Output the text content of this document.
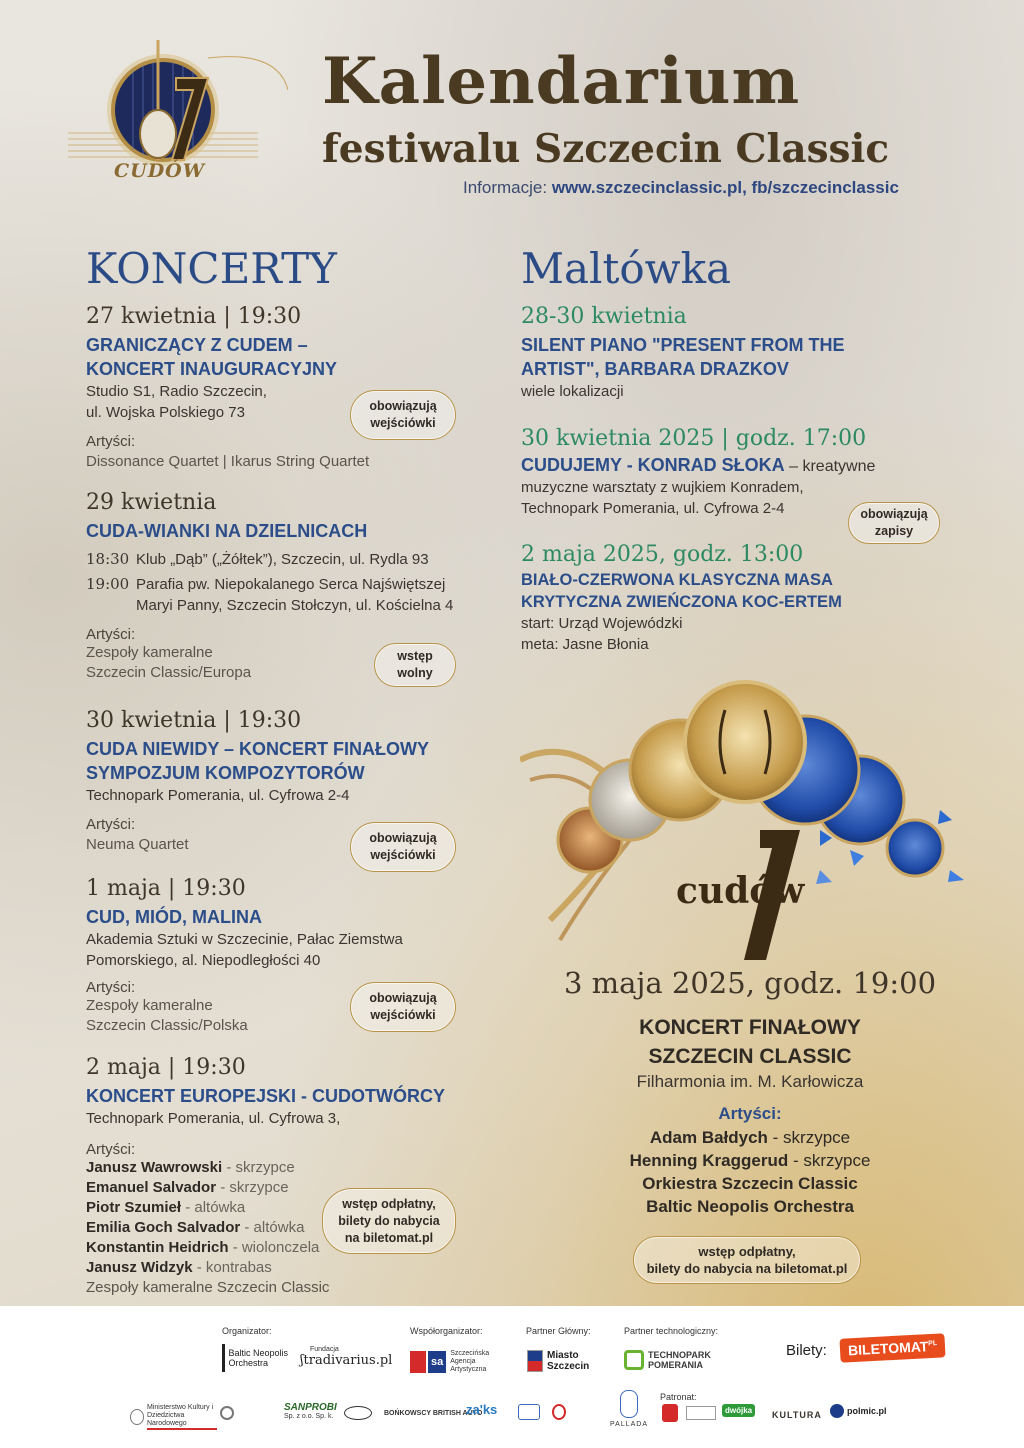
CUDÓW
Kalendarium
festiwalu Szczecin Classic
Informacje: www.szczecinclassic.pl, fb/szczecinclassic
KONCERTY
27 kwietnia | 19:30
GRANICZĄCY Z CUDEM –
KONCERT INAUGURACYJNY
Studio S1, Radio Szczecin,
ul. Wojska Polskiego 73
Artyści:
Dissonance Quartet | Ikarus String Quartet
obowiązują
wejściówki
29 kwietnia
CUDA-WIANKI NA DZIELNICACH
18:30 Klub „Dąb” („Żółtek”), Szczecin, ul. Rydla 93
19:00 Parafia pw. Niepokalanego Serca Najświętszej
Maryi Panny, Szczecin Stołczyn, ul. Kościelna 4
Artyści:
Zespoły kameralne
Szczecin Classic/Europa
wstęp
wolny
30 kwietnia | 19:30
CUDA NIEWIDY – KONCERT FINAŁOWY
SYMPOZJUM KOMPOZYTORÓW
Technopark Pomerania, ul. Cyfrowa 2-4
Artyści:
Neuma Quartet	obowiązują
wejściówki
1 maja | 19:30
CUD, MIÓD, MALINA
Akademia Sztuki w Szczecinie, Pałac Ziemstwa
Pomorskiego, al. Niepodległości 40
Artyści:
Zespoły kameralne
Szczecin Classic/Polska
obowiązują
wejściówki
2 maja | 19:30
KONCERT EUROPEJSKI - CUDOTWÓRCY
Technopark Pomerania, ul. Cyfrowa 3,
Artyści:
Janusz Wawrowski - skrzypce
Emanuel Salvador - skrzypce
Piotr Szumieł - altówka
Emilia Goch Salvador - altówka
Konstantin Heidrich - wiolonczela
Janusz Widzyk - kontrabas
Zespoły kameralne Szczecin Classic
wstęp odpłatny,
bilety do nabycia
na biletomat.pl
Maltówka
28-30 kwietnia
SILENT PIANO "PRESENT FROM THE
ARTIST", BARBARA DRAZKOV
wiele lokalizacji
30 kwietnia 2025 | godz. 17:00
CUDUJEMY - KONRAD SŁOKA – kreatywne
muzyczne warsztaty z wujkiem Konradem,
Technopark Pomerania, ul. Cyfrowa 2-4	obowiązują
zapisy
2 maja 2025, godz. 13:00
BIAŁO-CZERWONA KLASYCZNA MASA
KRYTYCZNA ZWIEŃCZONA KOC-ERTEM
start: Urząd Wojewódzki
meta: Jasne Błonia
cudów
3 maja 2025, godz. 19:00
KONCERT FINAŁOWY
SZCZECIN CLASSIC
Filharmonia im. M. Karłowicza
Artyści:
Adam Bałdych - skrzypce
Henning Kraggerud - skrzypce
Orkiestra Szczecin Classic
Baltic Neopolis Orchestra
wstęp odpłatny,
bilety do nabycia na biletomat.pl
Organizator:	Współorganizator:	Partner Główny:	Partner technologiczny:
Baltic Neopolis Orchestra
Fundacja
ʃtradivarius.pl	sa
Szczecińska Agencja Artystyczna
Miasto Szczecin
TECHNOPARK POMERANIA
Bilety:	$BILETOMAT^{PL}$
Patronat:
Ministerstwo Kultury i Dziedzictwa Narodowego
SANPROBI
Sp. z o.o. Sp. k.	BOŃKOWSCY BRITISH AUTO
za'ks
PALLADA
dwójka	KULTURA	polmic.pl
